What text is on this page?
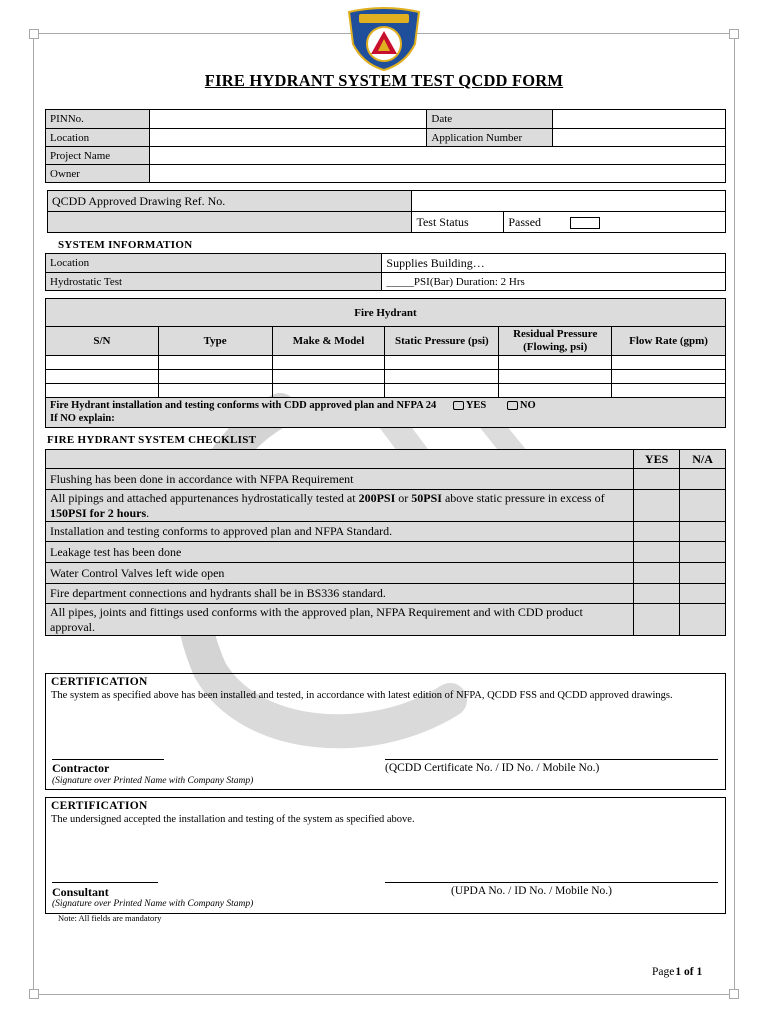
FIRE HYDRANT SYSTEM TEST QCDD FORM
PINNo.		Date	
Location		Application Number	
Project Name			
Owner			
QCDD Approved Drawing Ref. No.		
	Test Status	Passed
SYSTEM INFORMATION
Location	Supplies Building…
Hydrostatic Test	_____PSI(Bar) Duration: 2 Hrs
Fire Hydrant					
S/N	Type	Make & Model	Static Pressure (psi)	Residual Pressure (Flowing, psi)	Flow Rate (gpm)

Fire Hydrant installation and testing conforms with CDD approved plan and NFPA 24 YES NO
If NO explain:					
FIRE HYDRANT SYSTEM CHECKLIST
	YES	N/A
Flushing has been done in accordance with NFPA Requirement		
All pipings and attached appurtenances hydrostatically tested at 200PSI or 50PSI above static pressure in excess of 150PSI for 2 hours.		
Installation and testing conforms to approved plan and NFPA Standard.		
Leakage test has been done		
Water Control Valves left wide open		
Fire department connections and hydrants shall be in BS336 standard.		
All pipes, joints and fittings used conforms with the approved plan, NFPA Requirement and with CDD product approval.		
CERTIFICATION
The system as specified above has been installed and tested, in accordance with latest edition of NFPA, QCDD FSS and QCDD approved drawings.
Contractor
(Signature over Printed Name with Company Stamp)
(QCDD Certificate No. / ID No. / Mobile No.)
CERTIFICATION
The undersigned accepted the installation and testing of the system as specified above.
Consultant
(Signature over Printed Name with Company Stamp)
(UPDA No. / ID No. / Mobile No.)
Note: All fields are mandatory
Page1 of 1
